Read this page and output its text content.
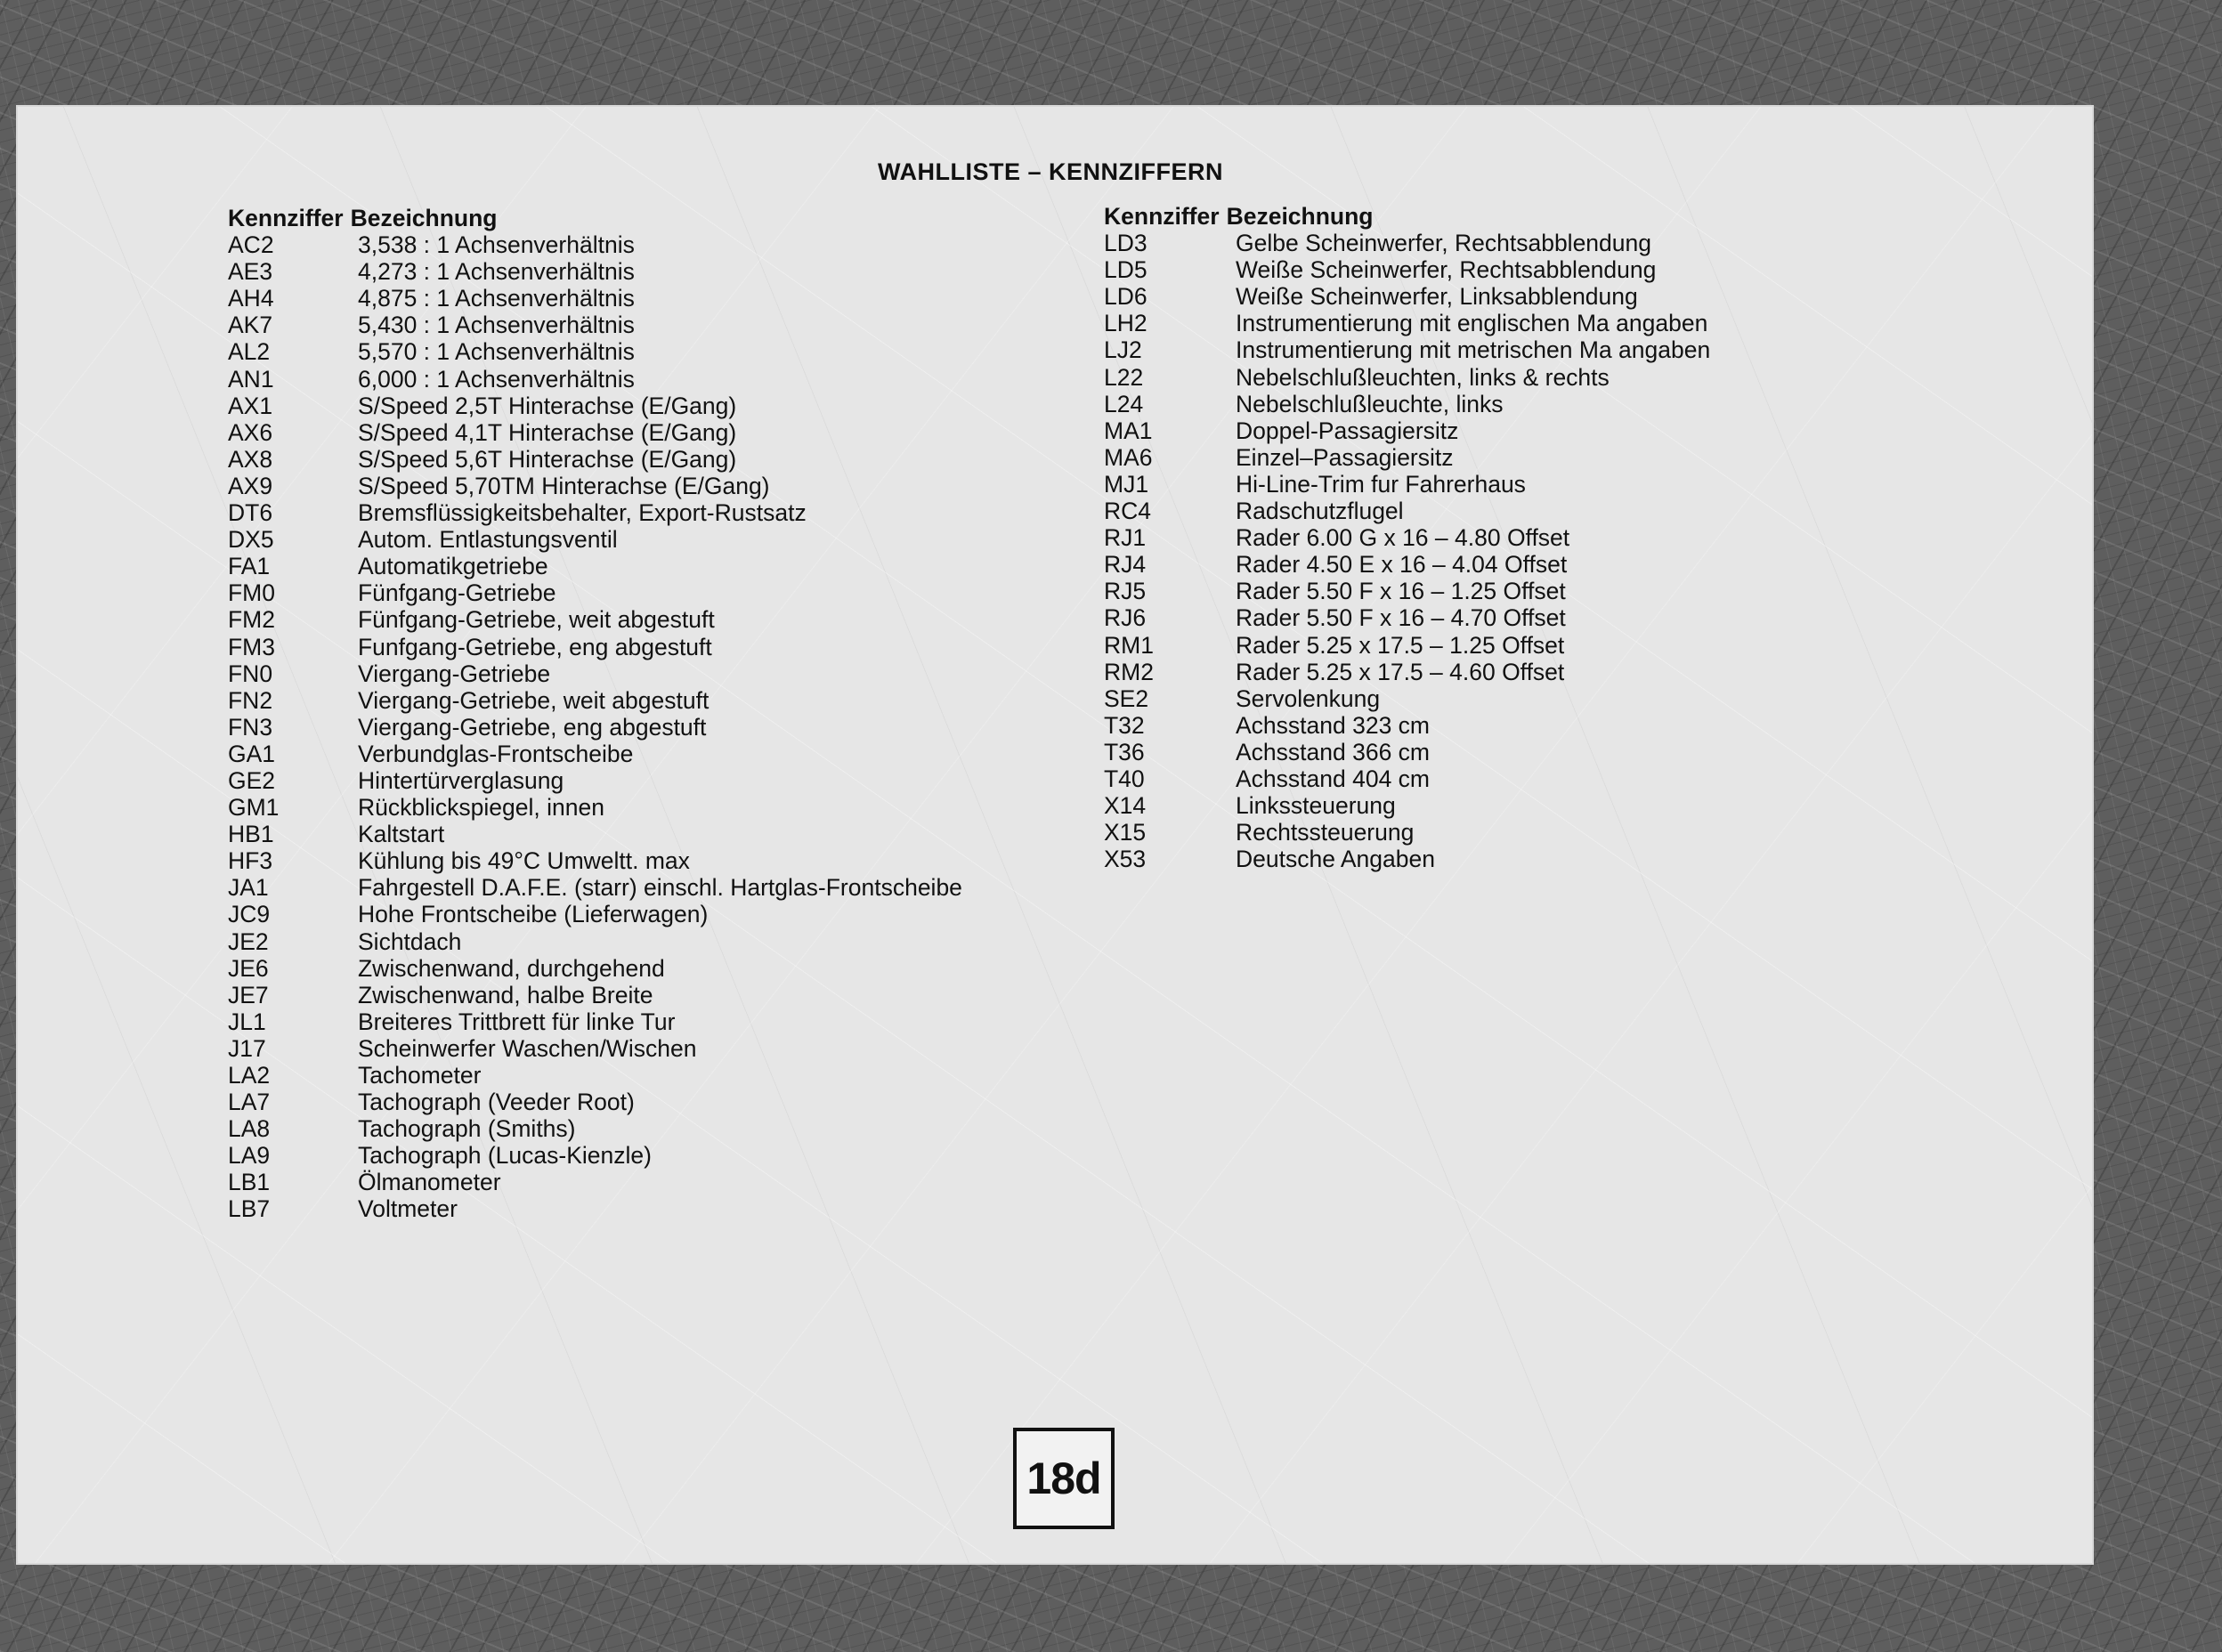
WAHLLISTE – KENNZIFFERN
Kennziffer Bezeichnung
AC2	3,538 : 1 Achsenverhältnis
AE3	4,273 : 1 Achsenverhältnis
AH4	4,875 : 1 Achsenverhältnis
AK7	5,430 : 1 Achsenverhältnis
AL2	5,570 : 1 Achsenverhältnis
AN1	6,000 : 1 Achsenverhältnis
AX1	S/Speed 2,5T Hinterachse (E/Gang)
AX6	S/Speed 4,1T Hinterachse (E/Gang)
AX8	S/Speed 5,6T Hinterachse (E/Gang)
AX9	S/Speed 5,70TM Hinterachse (E/Gang)
DT6	Bremsflüssigkeitsbehalter, Export-Rustsatz
DX5	Autom. Entlastungsventil
FA1	Automatikgetriebe
FM0	Fünfgang-Getriebe
FM2	Fünfgang-Getriebe, weit abgestuft
FM3	Funfgang-Getriebe, eng abgestuft
FN0	Viergang-Getriebe
FN2	Viergang-Getriebe, weit abgestuft
FN3	Viergang-Getriebe, eng abgestuft
GA1	Verbundglas-Frontscheibe
GE2	Hintertürverglasung
GM1	Rückblickspiegel, innen
HB1	Kaltstart
HF3	Kühlung bis 49°C Umweltt. max
JA1	Fahrgestell D.A.F.E. (starr) einschl. Hartglas-Frontscheibe
JC9	Hohe Frontscheibe (Lieferwagen)
JE2	Sichtdach
JE6	Zwischenwand, durchgehend
JE7	Zwischenwand, halbe Breite
JL1	Breiteres Trittbrett für linke Tur
J17	Scheinwerfer Waschen/Wischen
LA2	Tachometer
LA7	Tachograph (Veeder Root)
LA8	Tachograph (Smiths)
LA9	Tachograph (Lucas-Kienzle)
LB1	Ölmanometer
LB7	Voltmeter
Kennziffer Bezeichnung
LD3	Gelbe Scheinwerfer, Rechtsabblendung
LD5	Weiße Scheinwerfer, Rechtsabblendung
LD6	Weiße Scheinwerfer, Linksabblendung
LH2	Instrumentierung mit englischen Ma angaben
LJ2	Instrumentierung mit metrischen Ma angaben
L22	Nebelschlußleuchten, links & rechts
L24	Nebelschlußleuchte, links
MA1	Doppel-Passagiersitz
MA6	Einzel–Passagiersitz
MJ1	Hi-Line-Trim fur Fahrerhaus
RC4	Radschutzflugel
RJ1	Rader 6.00 G x 16 – 4.80 Offset
RJ4	Rader 4.50 E x 16 – 4.04 Offset
RJ5	Rader 5.50 F x 16 – 1.25 Offset
RJ6	Rader 5.50 F x 16 – 4.70 Offset
RM1	Rader 5.25 x 17.5 – 1.25 Offset
RM2	Rader 5.25 x 17.5 – 4.60 Offset
SE2	Servolenkung
T32	Achsstand 323 cm
T36	Achsstand 366 cm
T40	Achsstand 404 cm
X14	Linkssteuerung
X15	Rechtssteuerung
X53	Deutsche Angaben
18d
